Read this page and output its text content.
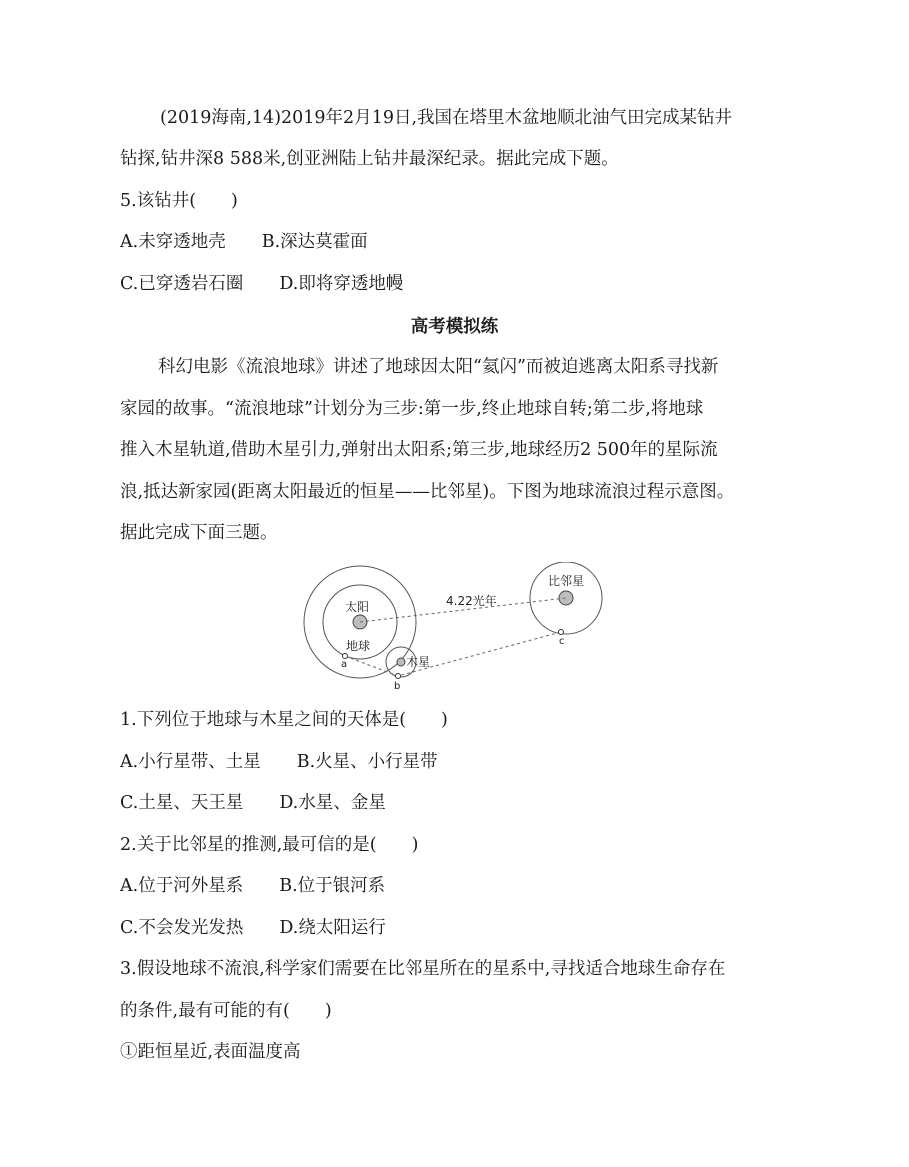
(2019海南,14)2019年2月19日,我国在塔里木盆地顺北油气田完成某钻井
钻探,钻井深8 588米,创亚洲陆上钻井最深纪录。据此完成下题。
5.该钻井(　　)
A.未穿透地壳 B.深达莫霍面
C.已穿透岩石圈 D.即将穿透地幔
高考模拟练

科幻电影《流浪地球》讲述了地球因太阳“氦闪”而被迫逃离太阳系寻找新

家园的故事。“流浪地球”计划分为三步:第一步,终止地球自转;第二步,将地球

推入木星轨道,借助木星引力,弹射出太阳系;第三步,地球经历2 500年的星际流

浪,抵达新家园(距离太阳最近的恒星——比邻星)。下图为地球流浪过程示意图。

据此完成下面三题。

太阳
地球
比邻星
4.22光年
木星
a
b
c
1.下列位于地球与木星之间的天体是(　　)
A.小行星带、土星 B.火星、小行星带
C.土星、天王星 D.水星、金星
2.关于比邻星的推测,最可信的是(　　)
A.位于河外星系 B.位于银河系
C.不会发光发热 D.绕太阳运行
3.假设地球不流浪,科学家们需要在比邻星所在的星系中,寻找适合地球生命存在
的条件,最有可能的有(　　)
①距恒星近,表面温度高
